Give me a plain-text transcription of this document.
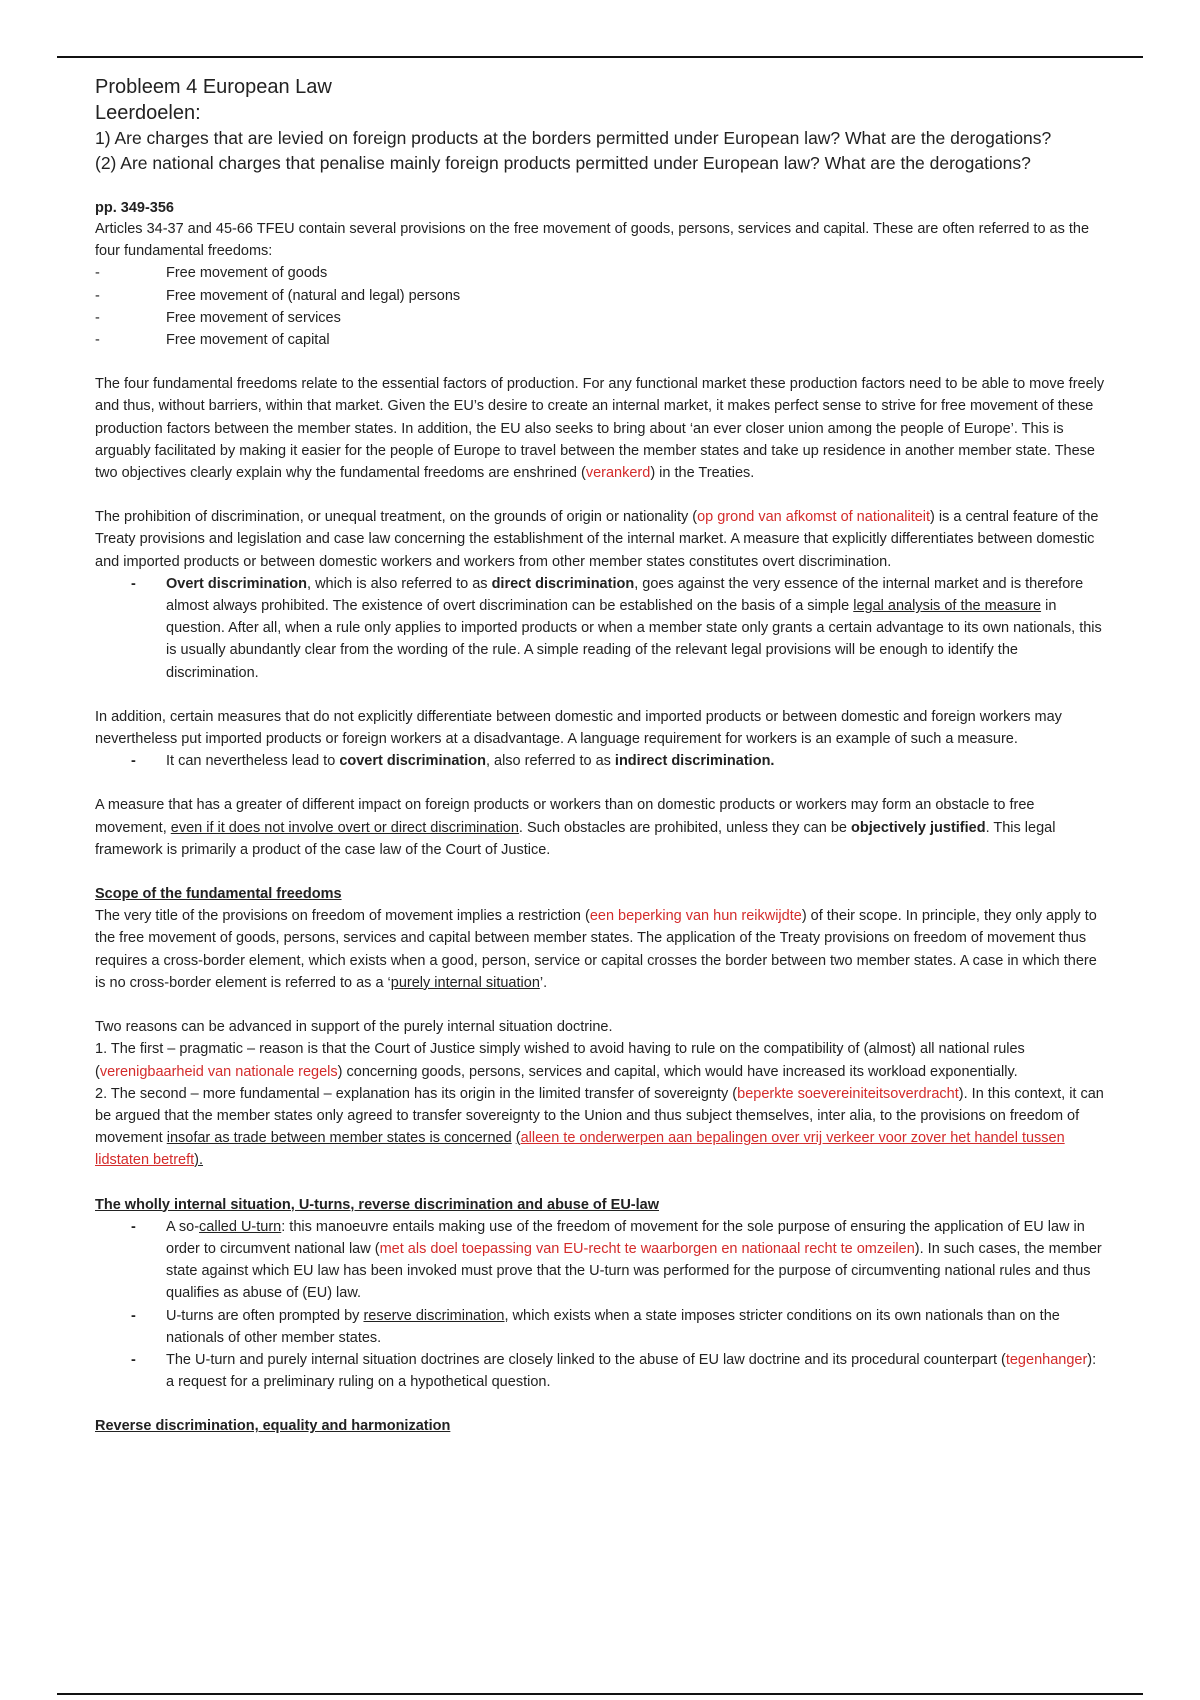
Probleem 4 European Law

Leerdoelen:

1) Are charges that are levied on foreign products at the borders permitted under European law? What are the derogations?

(2) Are national charges that penalise mainly foreign products permitted under European law? What are the derogations?

pp. 349-356

Articles 34-37 and 45-66 TFEU contain several provisions on the free movement of goods, persons, services and capital. These are often referred to as the four fundamental freedoms:

- Free movement of goods
- Free movement of (natural and legal) persons
- Free movement of services
- Free movement of capital

The four fundamental freedoms relate to the essential factors of production. For any functional market these production factors need to be able to move freely and thus, without barriers, within that market. Given the EU’s desire to create an internal market, it makes perfect sense to strive for free movement of these production factors between the member states. In addition, the EU also seeks to bring about ‘an ever closer union among the people of Europe’. This is arguably facilitated by making it easier for the people of Europe to travel between the member states and take up residence in another member state. These two objectives clearly explain why the fundamental freedoms are enshrined (verankerd) in the Treaties.

The prohibition of discrimination, or unequal treatment, on the grounds of origin or nationality (op grond van afkomst of nationaliteit) is a central feature of the Treaty provisions and legislation and case law concerning the establishment of the internal market. A measure that explicitly differentiates between domestic and imported products or between domestic workers and workers from other member states constitutes overt discrimination.

- Overt discrimination, which is also referred to as direct discrimination, goes against the very essence of the internal market and is therefore almost always prohibited. The existence of overt discrimination can be established on the basis of a simple legal analysis of the measure in question. After all, when a rule only applies to imported products or when a member state only grants a certain advantage to its own nationals, this is usually abundantly clear from the wording of the rule. A simple reading of the relevant legal provisions will be enough to identify the discrimination.

In addition, certain measures that do not explicitly differentiate between domestic and imported products or between domestic and foreign workers may nevertheless put imported products or foreign workers at a disadvantage. A language requirement for workers is an example of such a measure.

- It can nevertheless lead to covert discrimination, also referred to as indirect discrimination.

A measure that has a greater of different impact on foreign products or workers than on domestic products or workers may form an obstacle to free movement, even if it does not involve overt or direct discrimination. Such obstacles are prohibited, unless they can be objectively justified. This legal framework is primarily a product of the case law of the Court of Justice.

Scope of the fundamental freedoms

The very title of the provisions on freedom of movement implies a restriction (een beperking van hun reikwijdte) of their scope. In principle, they only apply to the free movement of goods, persons, services and capital between member states. The application of the Treaty provisions on freedom of movement thus requires a cross-border element, which exists when a good, person, service or capital crosses the border between two member states. A case in which there is no cross-border element is referred to as a ‘purely internal situation’.

Two reasons can be advanced in support of the purely internal situation doctrine.

1. The first – pragmatic – reason is that the Court of Justice simply wished to avoid having to rule on the compatibility of (almost) all national rules (verenigbaarheid van nationale regels) concerning goods, persons, services and capital, which would have increased its workload exponentially.

2. The second – more fundamental – explanation has its origin in the limited transfer of sovereignty (beperkte soevereiniteitsoverdracht). In this context, it can be argued that the member states only agreed to transfer sovereignty to the Union and thus subject themselves, inter alia, to the provisions on freedom of movement insofar as trade between member states is concerned (alleen te onderwerpen aan bepalingen over vrij verkeer voor zover het handel tussen lidstaten betreft).

The wholly internal situation, U-turns, reverse discrimination and abuse of EU-law

- A so-called U-turn: this manoeuvre entails making use of the freedom of movement for the sole purpose of ensuring the application of EU law in order to circumvent national law (met als doel toepassing van EU-recht te waarborgen en nationaal recht te omzeilen). In such cases, the member state against which EU law has been invoked must prove that the U-turn was performed for the purpose of circumventing national rules and thus qualifies as abuse of (EU) law.
- U-turns are often prompted by reserve discrimination, which exists when a state imposes stricter conditions on its own nationals than on the nationals of other member states.
- The U-turn and purely internal situation doctrines are closely linked to the abuse of EU law doctrine and its procedural counterpart (tegenhanger): a request for a preliminary ruling on a hypothetical question.

Reverse discrimination, equality and harmonization
